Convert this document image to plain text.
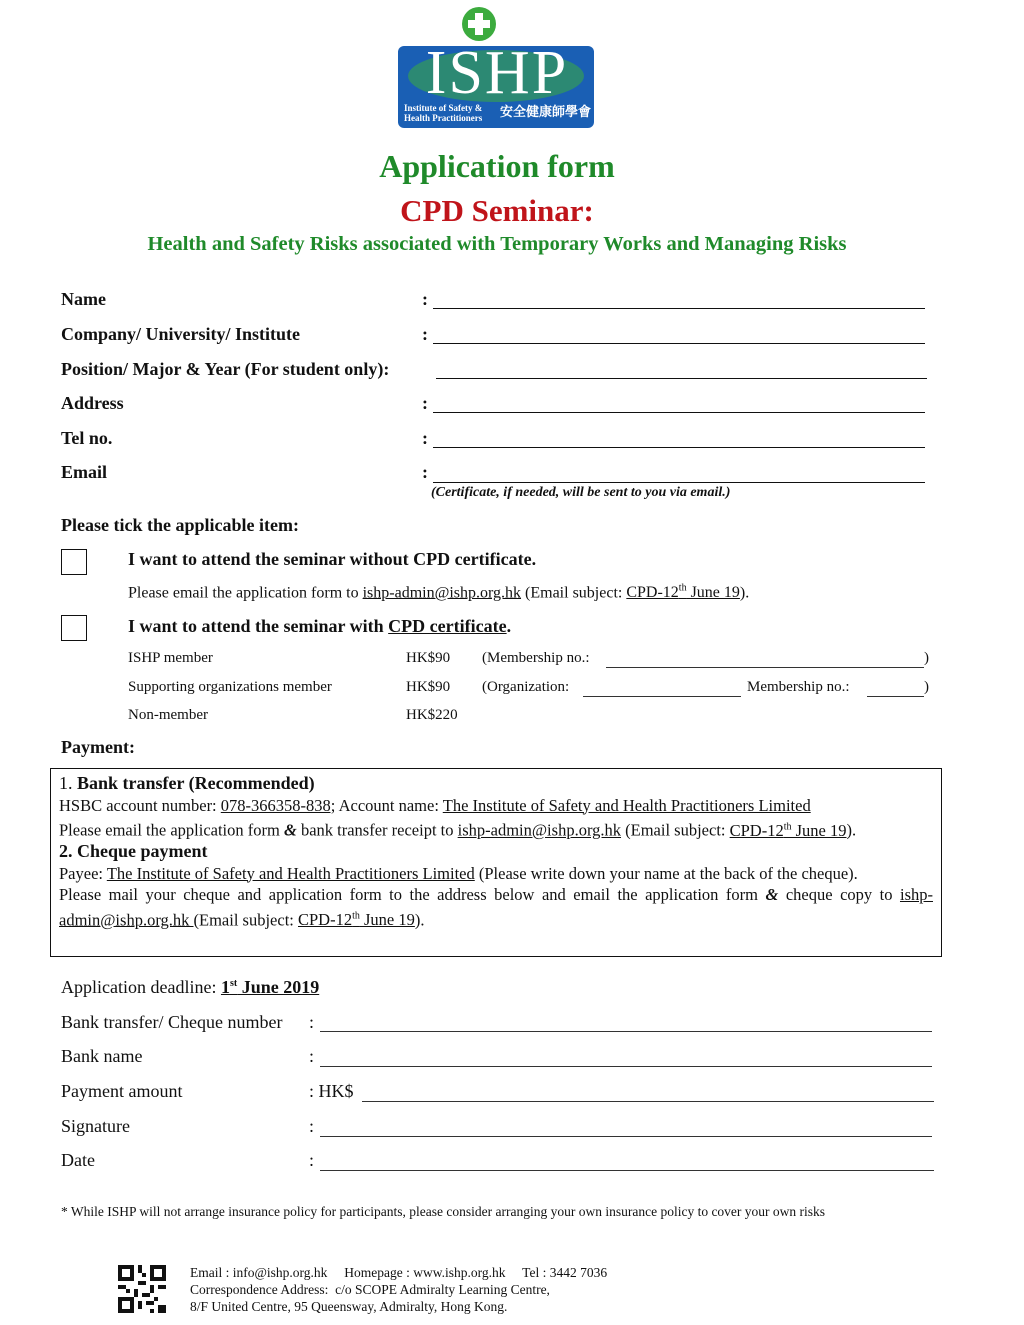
ISHP
Institute of Safety &
Health Practitioners 安全健康師學會
Application form
CPD Seminar:
Health and Safety Risks associated with Temporary Works and Managing Risks
Name	:
Company/ University/ Institute	:
Position/ Major & Year (For student only):
Address	:
Tel no.	:
Email	:
(Certificate, if needed, will be sent to you via email.)
Please tick the applicable item:
I want to attend the seminar without CPD certificate.
Please email the application form to ishp-admin@ishp.org.hk (Email subject: CPD-12th June 19).
I want to attend the seminar with CPD certificate.
ISHP member	HK$90 (Membership no.:	)
Supporting organizations member	HK$90 (Organization:	Membership no.:	)
Non-member	HK$220
Payment:

1. Bank transfer (Recommended)

HSBC account number: 078-366358-838; Account name: The Institute of Safety and Health Practitioners Limited

Please email the application form & bank transfer receipt to ishp-admin@ishp.org.hk (Email subject: CPD-12th June 19).

2. Cheque payment

Payee: The Institute of Safety and Health Practitioners Limited (Please write down your name at the back of the cheque).

Please mail your cheque and application form to the address below and email the application form & cheque copy to ishp-admin@ishp.org.hk (Email subject: CPD-12th June 19).

Application deadline: 1st June 2019
Bank transfer/ Cheque number :
Bank name	:
Payment amount	: HK$
Signature	:
Date	:
* While ISHP will not arrange insurance policy for participants, please consider arranging your own insurance policy to cover your own risks
Email : info@ishp.org.hk     Homepage : www.ishp.org.hk     Tel : 3442 7036
Correspondence Address:  c/o SCOPE Admiralty Learning Centre,
8/F United Centre, 95 Queensway, Admiralty, Hong Kong.
